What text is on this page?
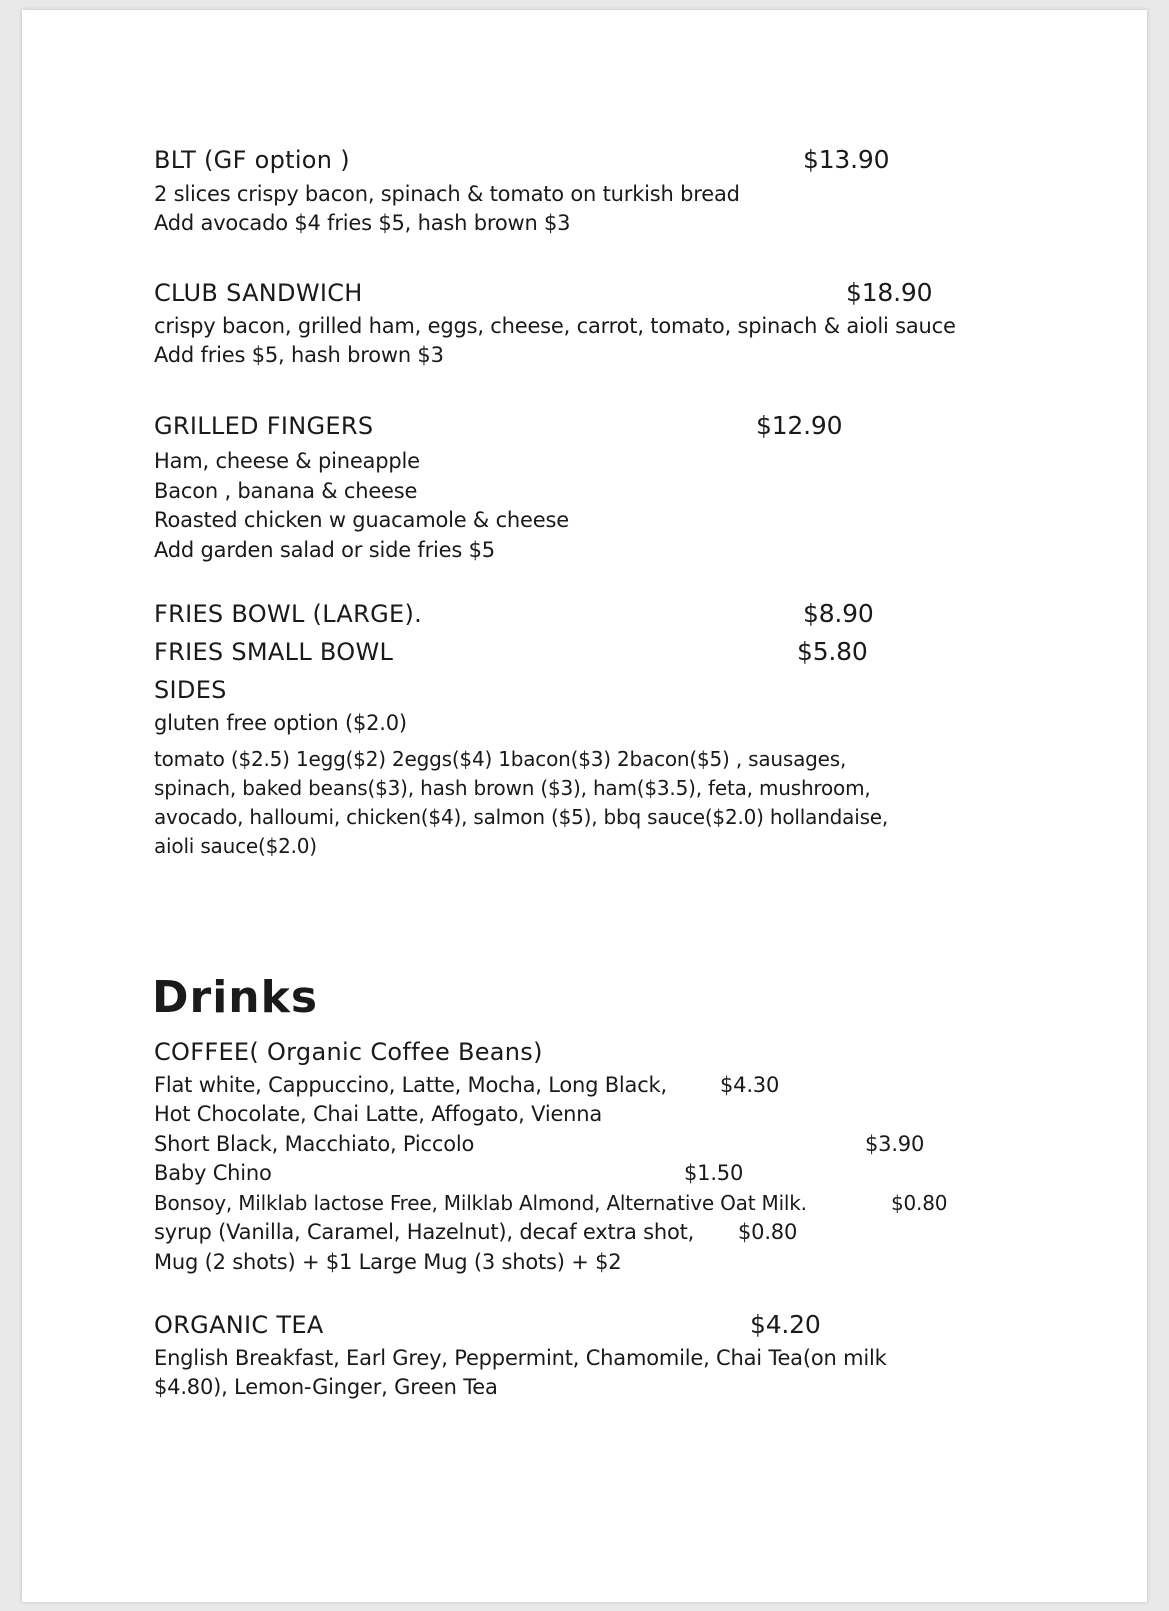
BLT (GF option )	$13.90
2 slices crispy bacon, spinach & tomato on turkish bread
Add avocado $4 fries $5, hash brown $3
CLUB SANDWICH	$18.90
crispy bacon, grilled ham, eggs, cheese, carrot, tomato, spinach & aioli sauce
Add fries $5, hash brown $3
GRILLED FINGERS	$12.90
Ham, cheese & pineapple
Bacon , banana & cheese
Roasted chicken w guacamole & cheese
Add garden salad or side fries $5
FRIES BOWL (LARGE).	$8.90
FRIES SMALL BOWL	$5.80
SIDES
gluten free option ($2.0)
tomato ($2.5) 1egg($2) 2eggs($4) 1bacon($3) 2bacon($5) , sausages,
spinach, baked beans($3), hash brown ($3), ham($3.5), feta, mushroom,
avocado, halloumi, chicken($4), salmon ($5), bbq sauce($2.0) hollandaise,
aioli sauce($2.0)
Drinks
COFFEE( Organic Coffee Beans)
Flat white, Cappuccino, Latte, Mocha, Long Black,	$4.30
Hot Chocolate, Chai Latte, Affogato, Vienna
Short Black, Macchiato, Piccolo	$3.90
Baby Chino	$1.50
Bonsoy, Milklab lactose Free, Milklab Almond, Alternative Oat Milk.	$0.80
syrup (Vanilla, Caramel, Hazelnut), decaf extra shot, $0.80
Mug (2 shots) + $1 Large Mug (3 shots) + $2
ORGANIC TEA	$4.20
English Breakfast, Earl Grey, Peppermint, Chamomile, Chai Tea(on milk
$4.80), Lemon-Ginger, Green Tea
